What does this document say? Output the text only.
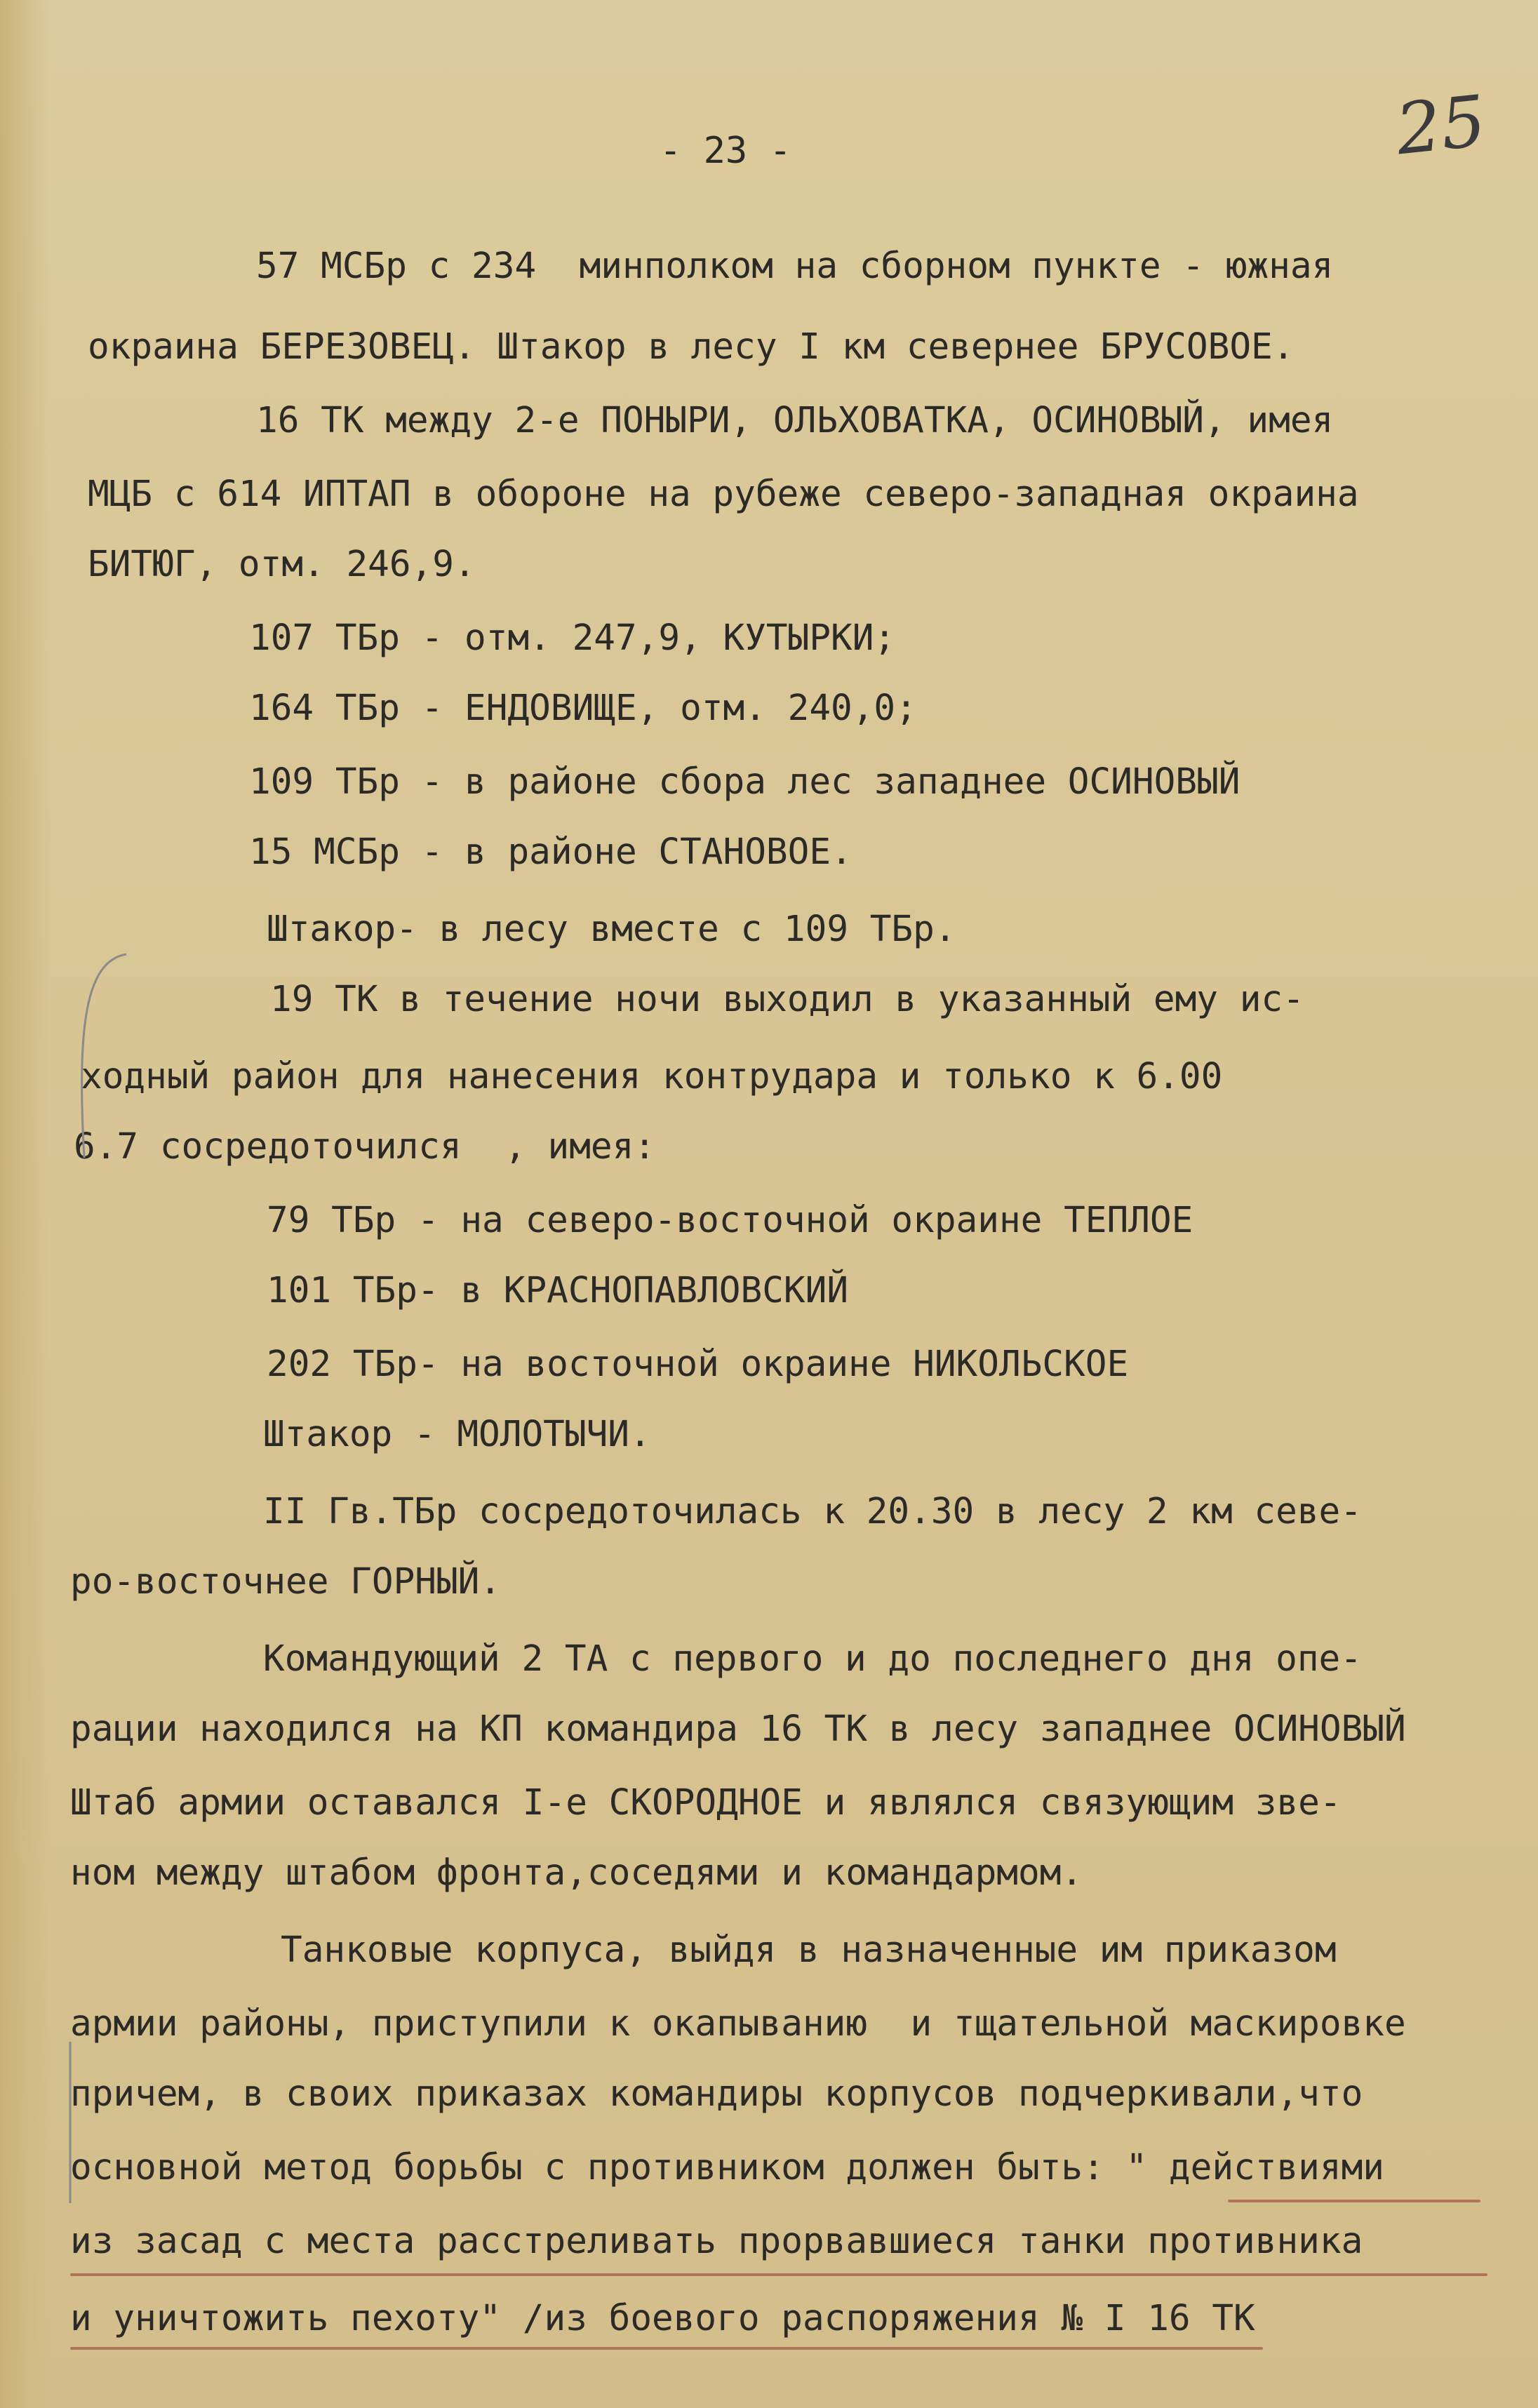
- 23 -	25
57 МСБр с 234  минполком на сборном пункте - южная
окраина БЕРЕЗОВЕЦ. Штакор в лесу I км севернее БРУСОВОЕ.
16 ТК между 2-е ПОНЫРИ, ОЛЬХОВАТКА, ОСИНОВЫЙ, имея
МЦБ с 614 ИПТАП в обороне на рубеже северо-западная окраина
БИТЮГ, отм. 246,9.
107 ТБр - отм. 247,9, КУТЫРКИ;
164 ТБр - ЕНДОВИЩЕ, отм. 240,0;
109 ТБр - в районе сбора лес западнее ОСИНОВЫЙ
15 МСБр - в районе СТАНОВОЕ.
Штакор- в лесу вместе с 109 ТБр.
19 ТК в течение ночи выходил в указанный ему ис-
ходный район для нанесения контрудара и только к 6.00
6.7 сосредоточился  , имея:
79 ТБр - на северо-восточной окраине ТЕПЛОЕ
101 ТБр- в КРАСНОПАВЛОВСКИЙ
202 ТБр- на восточной окраине НИКОЛЬСКОЕ
Штакор - МОЛОТЫЧИ.
II Гв.ТБр сосредоточилась к 20.30 в лесу 2 км севе-
ро-восточнее ГОРНЫЙ.
Командующий 2 ТА с первого и до последнего дня опе-
рации находился на КП командира 16 ТК в лесу западнее ОСИНОВЫЙ
Штаб армии оставался I-е СКОРОДНОЕ и являлся связующим зве-
ном между штабом фронта,соседями и командармом.
Танковые корпуса, выйдя в назначенные им приказом
армии районы, приступили к окапыванию  и тщательной маскировке
причем, в своих приказах командиры корпусов подчеркивали,что
основной метод борьбы с противником должен быть: " действиями
из засад с места расстреливать прорвавшиеся танки противника
и уничтожить пехоту" /из боевого распоряжения № I 16 ТК
